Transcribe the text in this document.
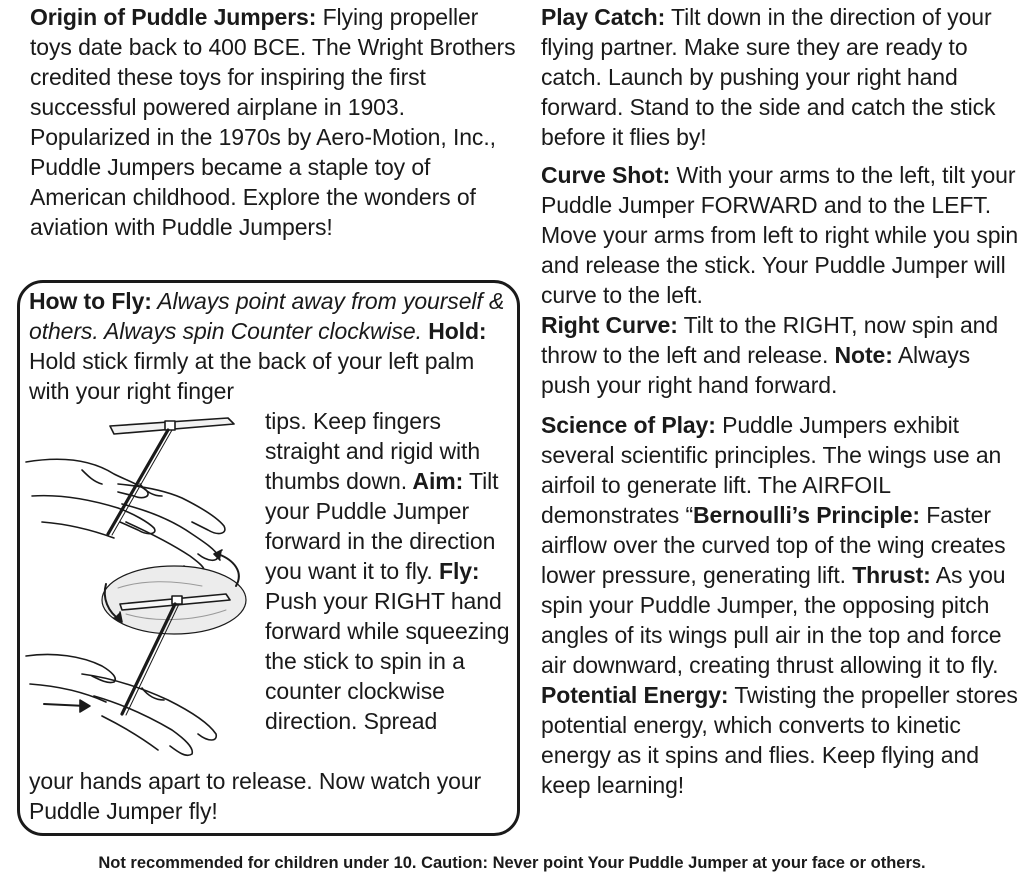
Origin of Puddle Jumpers: Flying propeller toys date back to 400 BCE. The Wright Brothers credited these toys for inspiring the first successful powered airplane in 1903. Popularized in the 1970s by Aero-Motion, Inc., Puddle Jumpers became a staple toy of American childhood. Explore the wonders of aviation with Puddle Jumpers!

How to Fly: Always point away from yourself & others. Always spin Counter clockwise. Hold: Hold stick firmly at the back of your left palm with your right finger

tips. Keep fingers straight and rigid with thumbs down. Aim: Tilt your Puddle Jumper forward in the direction you want it to fly. Fly: Push your RIGHT hand forward while squeezing the stick to spin in a counter clockwise direction. Spread

your hands apart to release. Now watch your Puddle Jumper fly!

Play Catch: Tilt down in the direction of your flying partner. Make sure they are ready to catch. Launch by pushing your right hand forward. Stand to the side and catch the stick before it flies by!

Curve Shot: With your arms to the left, tilt your Puddle Jumper FORWARD and to the LEFT. Move your arms from left to right while you spin and release the stick. Your Puddle Jumper will curve to the left.
Right Curve: Tilt to the RIGHT, now spin and throw to the left and release. Note: Always push your right hand forward.

Science of Play: Puddle Jumpers exhibit several scientific principles. The wings use an airfoil to generate lift. The AIRFOIL demonstrates “Bernoulli’s Principle: Faster airflow over the curved top of the wing creates lower pressure, generating lift. Thrust: As you spin your Puddle Jumper, the opposing pitch angles of its wings pull air in the top and force air downward, creating thrust allowing it to fly.
Potential Energy: Twisting the propeller stores potential energy, which converts to kinetic energy as it spins and flies. Keep flying and keep learning!

Not recommended for children under 10. Caution: Never point Your Puddle Jumper at your face or others.
